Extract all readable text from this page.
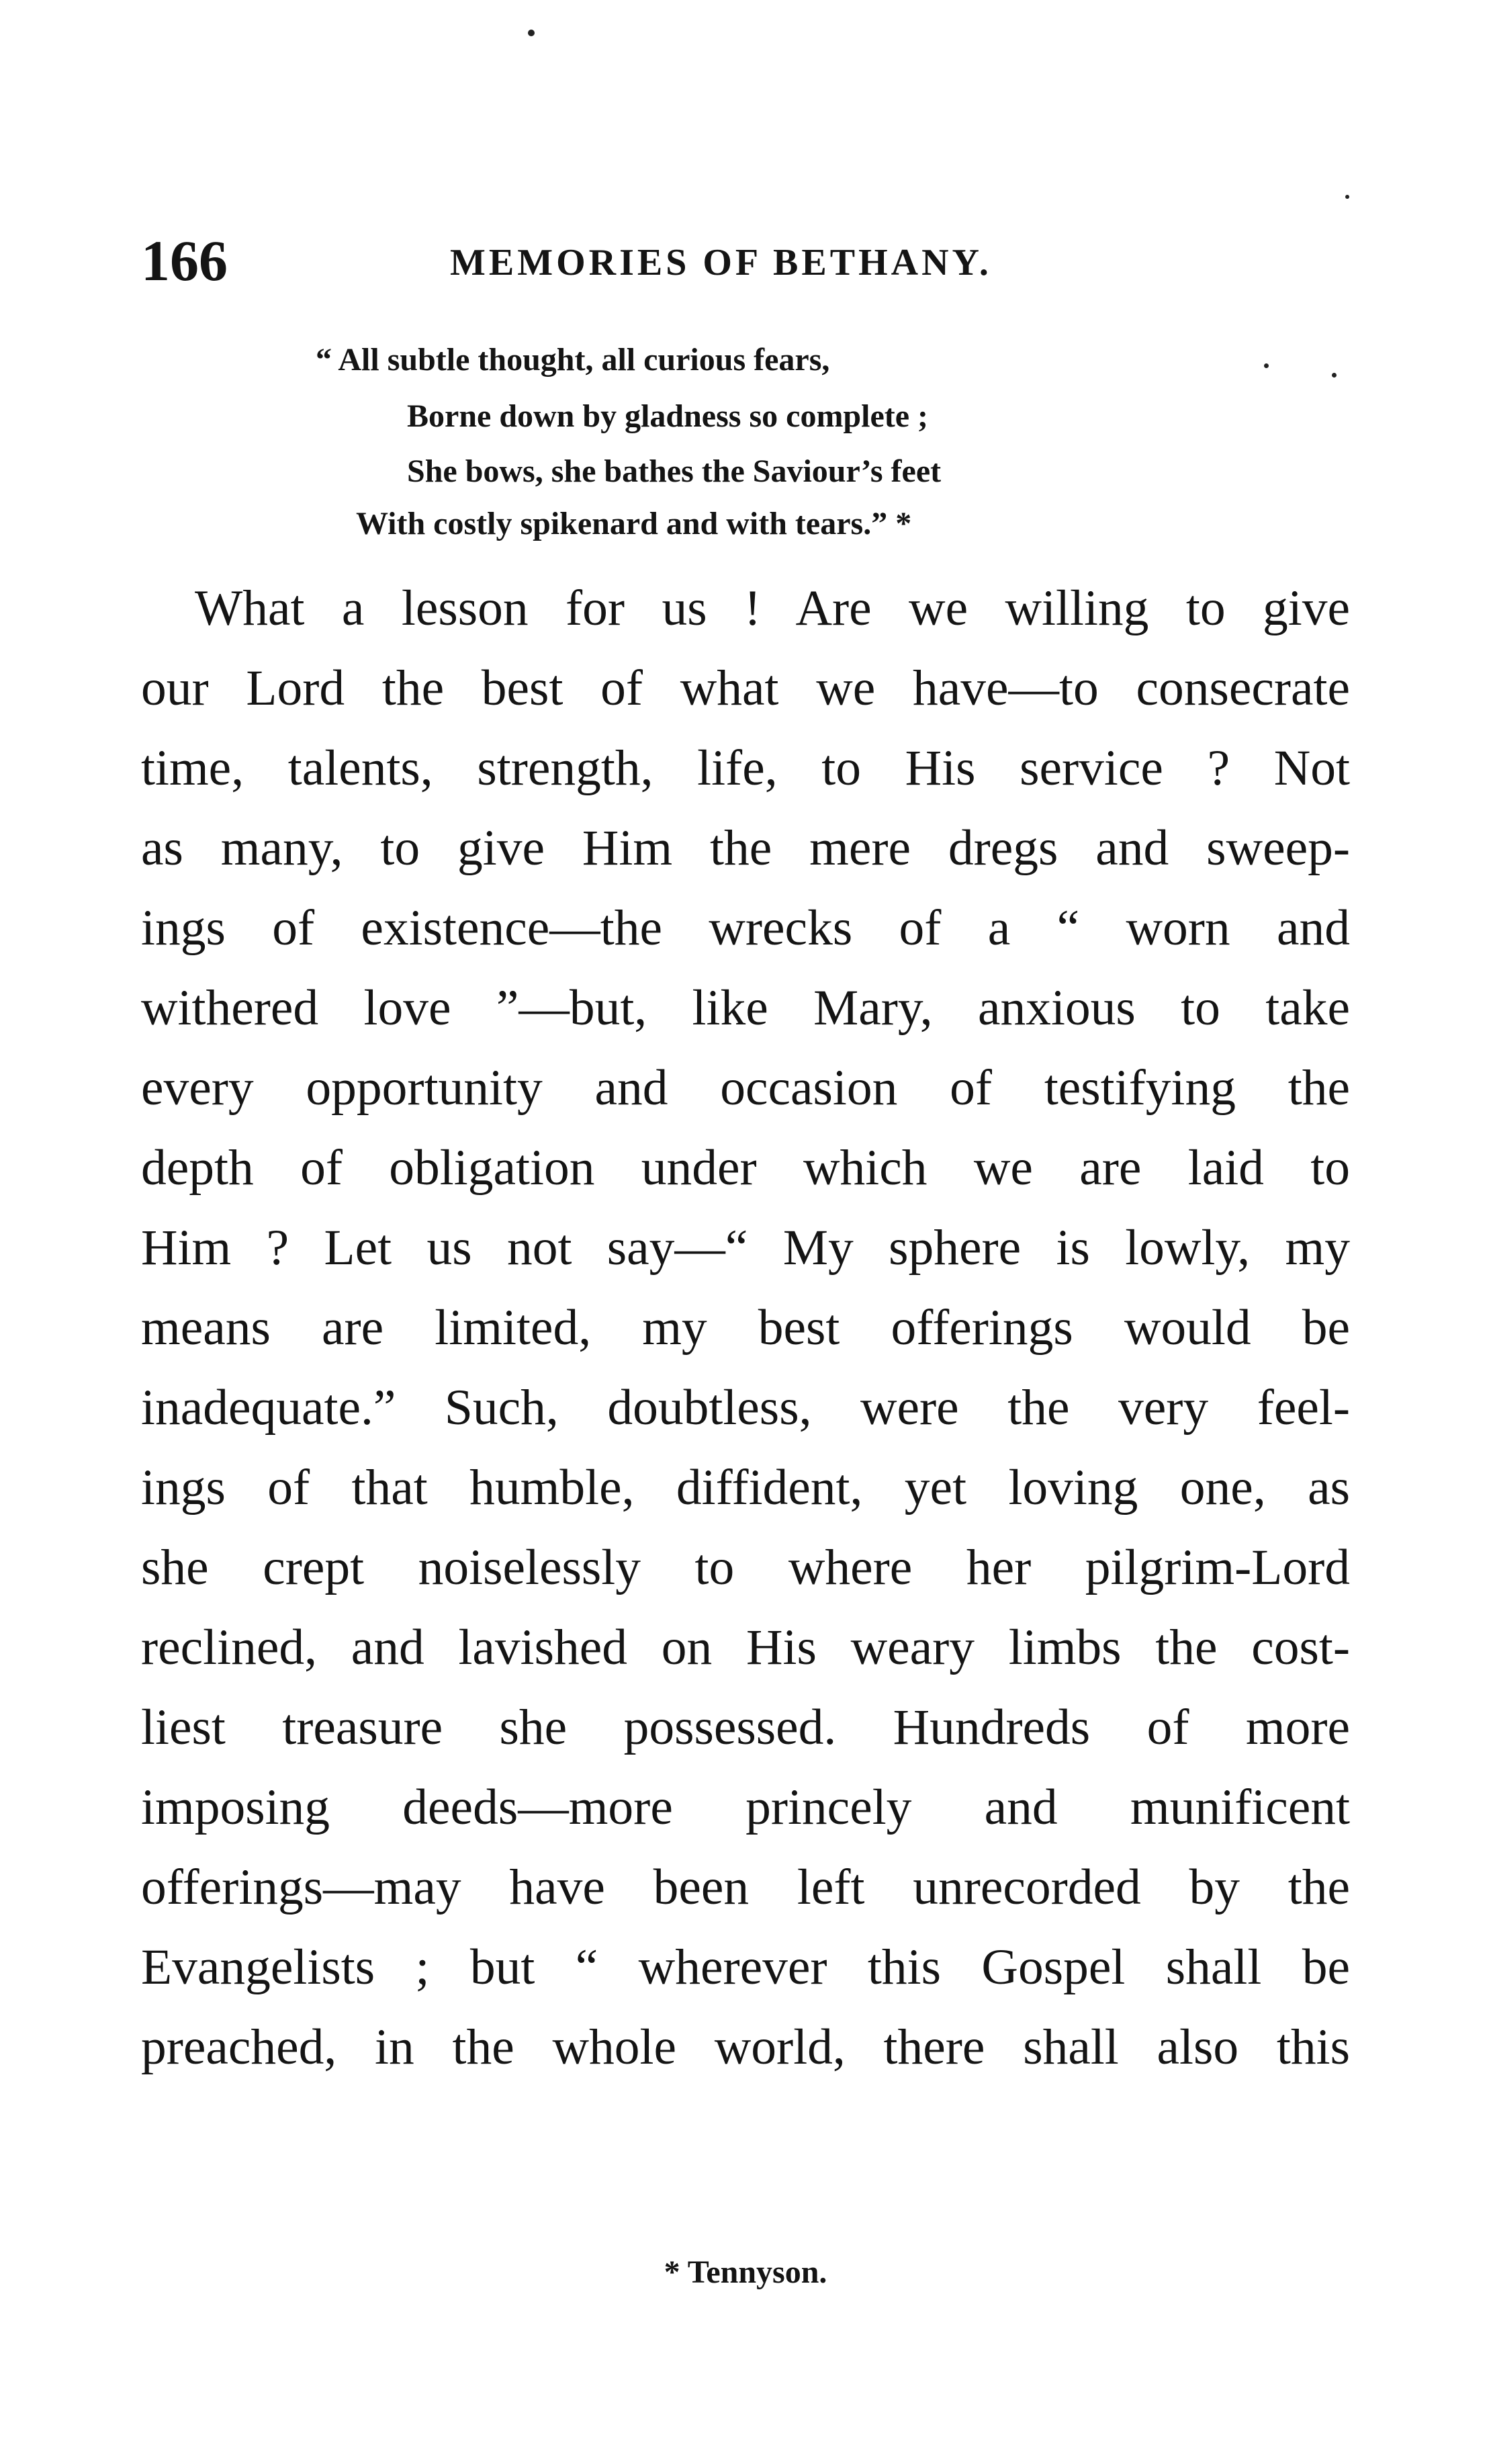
166	MEMORIES OF BETHANY.
“ All subtle thought, all curious fears,
Borne down by gladness so complete ;
She bows, she bathes the Saviour’s feet
With costly spikenard and with tears.” *
What a lesson for us ! Are we willing to give
our Lord the best of what we have—to consecrate
time, talents, strength, life, to His service ? Not
as many, to give Him the mere dregs and sweep-
ings of existence—the wrecks of a “ worn and
withered love ”—but, like Mary, anxious to take
every opportunity and occasion of testifying the
depth of obligation under which we are laid to
Him ? Let us not say—“ My sphere is lowly, my
means are limited, my best offerings would be
inadequate.” Such, doubtless, were the very feel-
ings of that humble, diffident, yet loving one, as
she crept noiselessly to where her pilgrim-Lord
reclined, and lavished on His weary limbs the cost-
liest treasure she possessed. Hundreds of more
imposing deeds—more princely and munificent
offerings—may have been left unrecorded by the
Evangelists ; but “ wherever this Gospel shall be
preached, in the whole world, there shall also this
* Tennyson.
